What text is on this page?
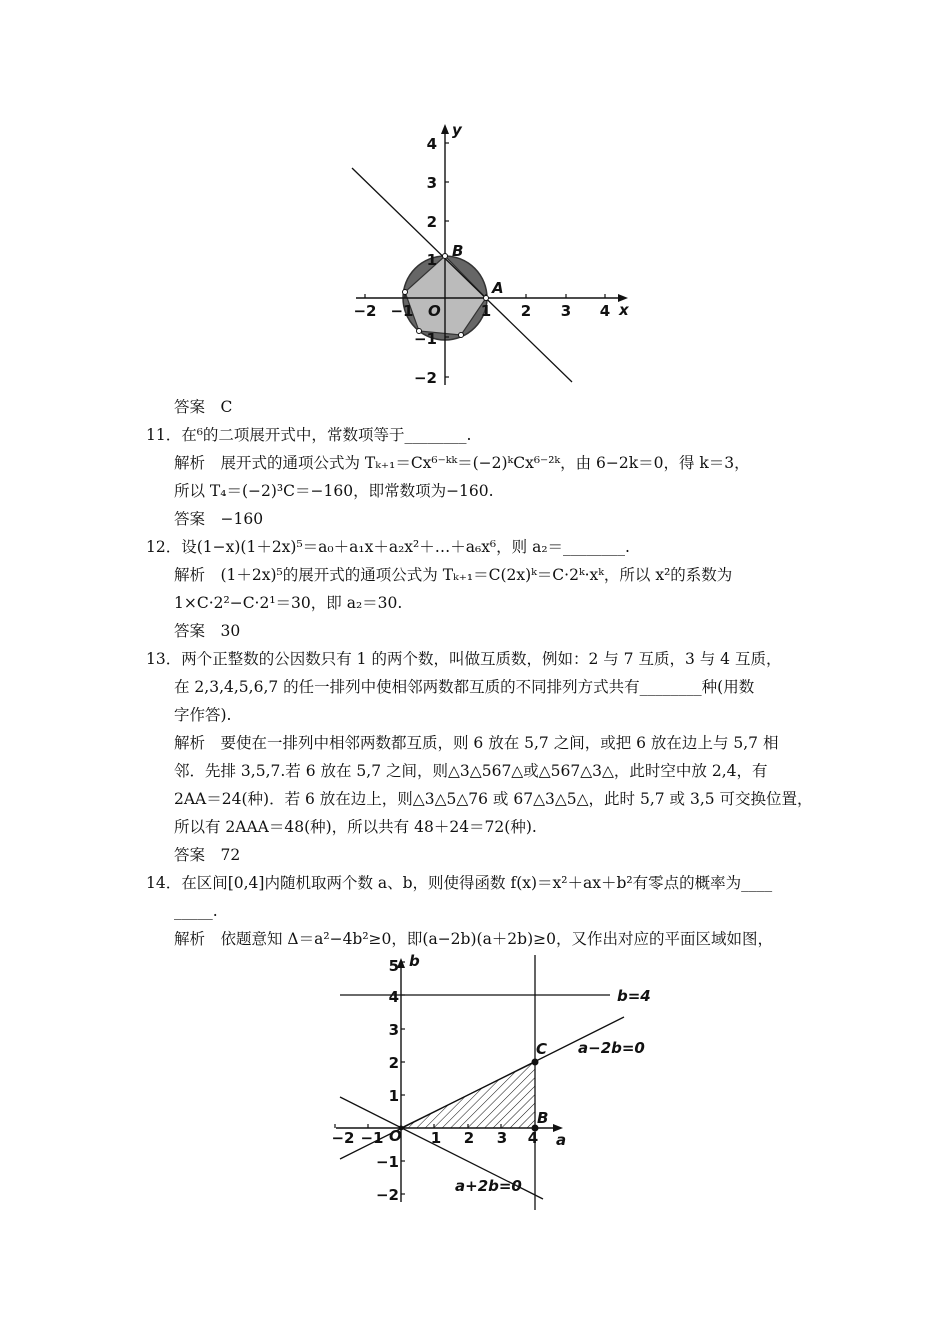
−2 −1	1 2 3 4
4
3
2
1
−1
−2
x
y
O
A
B
答案　C
11．在⁶的二项展开式中，常数项等于________.
解析　展开式的通项公式为 Tₖ₊₁＝Cx⁶⁻ᵏᵏ＝(−2)ᵏCx⁶⁻²ᵏ，由 6−2k＝0，得 k＝3，
所以 T₄＝(−2)³C＝−160，即常数项为−160.
答案　−160
12．设(1−x)(1＋2x)⁵＝a₀＋a₁x＋a₂x²＋…＋a₆x⁶，则 a₂＝________.
解析　(1＋2x)⁵的展开式的通项公式为 Tₖ₊₁＝C(2x)ᵏ＝C·2ᵏ·xᵏ，所以 x²的系数为
1×C·2²−C·2¹＝30，即 a₂＝30.
答案　30
13．两个正整数的公因数只有 1 的两个数，叫做互质数，例如：2 与 7 互质，3 与 4 互质，
在 2,3,4,5,6,7 的任一排列中使相邻两数都互质的不同排列方式共有________种(用数
字作答).
解析　要使在一排列中相邻两数都互质，则 6 放在 5,7 之间，或把 6 放在边上与 5,7 相
邻．先排 3,5,7.若 6 放在 5,7 之间，则△3△567△或△567△3△，此时空中放 2,4，有
2AA＝24(种)．若 6 放在边上，则△3△5△76 或 67△3△5△，此时 5,7 或 3,5 可交换位置，
所以有 2AAA＝48(种)，所以共有 48＋24＝72(种).
答案　72
14．在区间[0,4]内随机取两个数 a、b，则使得函数 f(x)＝x²＋ax＋b²有零点的概率为____
_____.
解析　依题意知 Δ＝a²−4b²≥0，即(a−2b)(a＋2b)≥0，又作出对应的平面区域如图，
−2 −1	1 2 3 4
5
4
3
2
1
−1
−2
a
b
O
B
C
b=4
a−2b=0
a+2b=0
